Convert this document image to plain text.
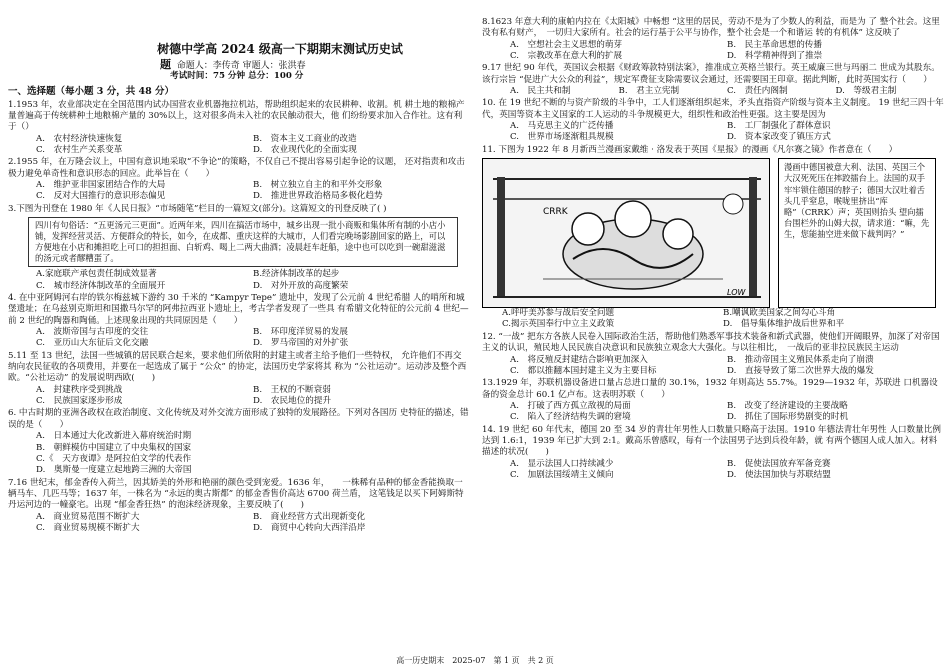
树德中学高 2024 级高一下期期末测试历史试
题 命题人：李传奇 审题人：张洪春
考试时间：75 分钟 总分：100 分
一、选择题（每小题 3 分，共 48 分）
1.1953 年，农业部决定在全国范围内试办国营农业机器拖拉机站，帮助组织起来的农民耕种、收割。机 耕土地的粮棉产量普遍高于传统耕种土地粮棉产量的 30%以上，这对很多尚未入社的农民触动很大，他 们纷纷要求加入合作社。这有利于（）
A.　农村经济快速恢复	B.　资本主义工商业的改造
C.　农村生产关系变革	D.　农业现代化的全面实现
2.1955 年，在万隆会议上，中国有意识地采取“不争论”的策略，不仅自己不提出容易引起争论的议题， 还对指责和攻击极力避免单奇性和意识形态的回应。此举旨在（　　）
A.　维护亚非国家团结合作的大局	B.　树立独立自主的和平外交形象
C.　反对大国推行的意识形态偏见	D.　推进世界政治格局多极化趋势
3.下图为刊登在 1980 年《人民日报》“市场随笔”栏目的一篇短文(部分)。这篇短文的刊登反映了( )
四川有句俗话：“五更汤元三更面”。近两年来，四川在搞活市场中，城乡出现一批小商贩和集体所有制的小店小铺，发挥经营灵活、方便群众的特长，如今，在成都、重庆这样的大城市，人们看完晚场影剧回家的路上，可以方便地在小店和摊担吃上可口的担担面、白斩鸡、喝上二两大曲酒；凌晨赶车赶船，途中也可以吃到一碗甜滋滋的汤元或者醪糟蛋了。
A.家庭联产承包责任制成效显著	B.经济体制改革的起步
C.　城市经济体制改革的全面展开	D.　对外开放的高度繁荣
4. 在中亚阿姆河右岸的铁尔梅兹城下游约 30 千米的 “Kampyr Tepe” 遗址中，发现了公元前 4 世纪希腊 人的哨所和城堡遗址；在乌兹别克斯坦和国撒马尔罕的阿弗拉西亚卜遗址上，考古学者发现了一些具 有希腊文化特征的公元前 4 世纪—前 2 世纪的陶器和陶俑。上述现象出现的共同原因是（　　）
A.　波斯帝国与古印度的交往	B.　环印度洋贸易的发展
C.　亚历山大东征后文化交融	D.　罗马帝国的对外扩张
5.11 至 13 世纪，法国一些城镇的居民联合起来，要求他们所依附的封建主或者主给予他们一些特权， 允许他们不再交纳向农民征收的各项费用，并要在一起选成了属于 “公众” 的协定，法国历史学家将其 称为 “公社运动”。运动涉及整个西欧。“公社运动” 的发展说明西欧(　　)
A.　封建秩序受到挑战	B.　王权的不断衰弱
C.　民族国家逐步形成	D.　农民地位的提升
6. 中古时期的亚洲各政权在政治制度、文化传统及对外交流方面形成了独特的发展路径。下列对各国历 史特征的描述，错误的是（　　）
A.　日本通过大化改新进入幕府统治时期
B.　朝鲜模仿中国建立了中央集权的国家
C.《　天方夜谭》是阿拉伯文学的代表作
D.　奥斯曼一度建立起地跨三洲的大帝国
7.16 世纪末，郁金香传入荷兰，因其娇美的外形和艳丽的颜色受到宠爱。1636 年，　　一株稀有品种的郁金香能换取一辆马车、几匹马等；1637 年，一株名为 “永远的奥古斯都” 的郁金香售价高达 6700 荷兰盾， 这笔钱足以买下阿姆斯特丹运河边的一幢豪宅。出现 “郁金香狂热” 的泡沫经济现象，主要反映了(　　)
A.　商业贸易范围不断扩大	B.　商业经营方式出现新变化
C.　商业贸易规模不断扩大	D.　商贸中心转向大西洋沿岸
8.1623 年意大利的康帕内拉在《太阳城》中畅想 “这里的居民，劳动不是为了少数人的利益，而是为 了 整个社会。这里没有私有财产，　一切归大家所有。社会的运行基于公平与协作，整个社会是一个和谐运 转的有机体” 这反映了
A.　空想社会主义思想的萌芽	B.　民主革命思想的传播
C.　宗教改革在意大利的扩展	D.　科学精神得到了推崇
9.17 世纪 90 年代，英国议会根据《财政筹款特别法案》，推准成立英格兰银行。英王威廉三世与玛丽二 世成为其股东。该行宗旨 “促进广大公众的利益”，规定军费征支除需要议会通过，还需要国王印章。据此判断，此时英国实行（　　）
A.　民主共和制	B.　君主立宪制	C.　责任内阁制	D.　等级君主制
10. 在 19 世纪不断的与资产阶级的斗争中，工人们逐渐组织起来，矛头直指资产阶级与资本主义制度。 19 世纪三四十年代，英国等资本主义国家的工人运动的斗争规模更大，组织性和政治性更强。这主要是因为
A.　马克思主义的广泛传播	B.　工厂制强化了群体意识
C.　世界市场逐渐粗具规模	D.　资本家改变了镇压方式
11. 下图为 1922 年 8 月新西兰漫画家戴维 · 洛发表于英国《星报》的漫画《凡尔赛之镜》作者意在（　　）
CRRK
LOW
漫画中德国被意大利、法国、英国三个大汉死死压在摔跤擂台上。法国的双手牢牢锁住德国的脖子；德国大汉吐着舌头几乎窒息，喉咙里挤出“库略”（CRRK）声；英国则抬头 望向擂台围栏外的山姆大叔，请求道：“嘛，先生，您能抽空进来做下裁判吗？”
A.呼吁美苏参与战后安全问题	B.嘲讽欧美国家之间勾心斗角
C.揭示英国奉行中立主义政策	D.　倡导集体维护战后世界和平
12. “一战” 把东方各族人民卷入国际政治生活，帮助他们熟悉军事技术装备和新式武器，使他们开阔眼界，加深了对帝国主义的认识，殖民地人民民族自决意识和民族独立观念大大强化。与以往相比，　一战后的亚非拉民族民主运动
A.　将反殖反封建结合影响更加深入	B.　推动帝国主义殖民体系走向了崩溃
C.　都以推翻本国封建主义为主要目标	D.　直接导致了第二次世界大战的爆发
13.1929 年，苏联机器设备进口量占总进口量的 30.1%，1932 年则高达 55.7%。1929—1932 年，苏联进 口机器设备的资金总计 60.1 亿卢布。这表明苏联（　　）
A.　打破了西方孤立敌视的局面	B.　改变了经济建设的主要战略
C.　陷入了经济结构失调的窘境	D.　抓住了国际形势剧变的时机
14. 19 世纪 60 年代末，德国 20 至 34 岁的青壮年男性人口数量只略高于法国。1910 年德法青壮年男性 人口数量比例达到 1.6:1，1939 年已扩大到 2:1。戴高乐曾感叹，每有一个法国男子达到兵役年龄，就 有两个德国人成人加入。材料描述的状况(　　)
A.　显示法国人口持续减少	B.　促使法国放弃军备竞赛
C.　加剧法国绥靖主义倾向	D.　使法国加快与苏联结盟
高一历史期末　2025-07　第 1 页　共 2 页
